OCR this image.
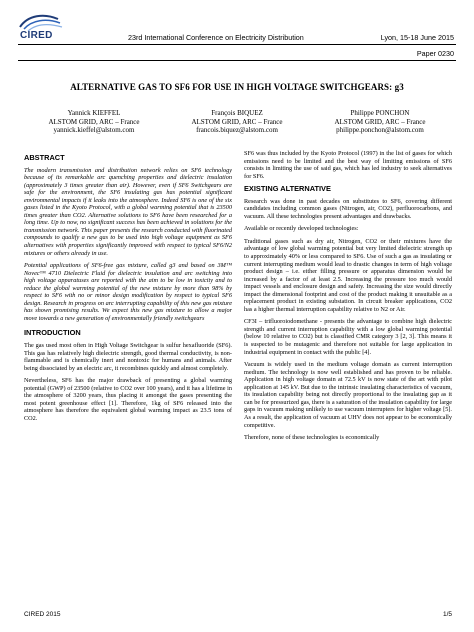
CIRED	23rd International Conference on Electricity Distribution	Lyon, 15-18 June 2015
Paper 0230
ALTERNATIVE GAS TO SF6 FOR USE IN HIGH VOLTAGE SWITCHGEARS: g3
Yannick KIEFFEL
ALSTOM GRID, ARC – France
yannick.kieffel@alstom.com
François BIQUEZ
ALSTOM GRID, ARC – France
francois.biquez@alstom.com
Philippe PONCHON
ALSTOM GRID, ARC – France
philippe.ponchon@alstom.com
ABSTRACT

The modern transmission and distribution network relies on SF6 technology because of its remarkable arc quenching properties and dielectric insulation (approximately 3 times greater than air). However, even if SF6 Switchgears are safe for the environment, the SF6 insulating gas has potential significant environmental impacts if it leaks into the atmosphere. Indeed SF6 is one of the six gases listed in the Kyoto Protocol, with a global warming potential that is 23500 times greater than CO2. Alternative solutions to SF6 have been researched for a long time. Up to now, no significant success has been achieved in solutions for the transmission network. This paper presents the research conducted with fluorinated compounds to qualify a new gas to be used into high voltage equipment as SF6 alternatives with properties significantly improved with respect to typical SF6/N2 mixtures or others already in use.

Potential applications of SF6-free gas mixture, called g3 and based on 3M™ Novec™ 4710 Dielectric Fluid for dielectric insulation and arc switching into high voltage apparatuses are reported with the aim to be low in toxicity and to reduce the global warming potential of the new mixture by more than 98% by respect to SF6 with no or minor design modification by respect to typical SF6 design. Research in progress on arc interrupting capability of this new gas mixture has shown promising results. We expect this new gas mixture to allow a major move towards a new generation of environmentally friendly switchgears

INTRODUCTION

The gas used most often in High Voltage Switchgear is sulfur hexafluoride (SF6). This gas has relatively high dielectric strength, good thermal conductivity, is non-flammable and is chemically inert and nontoxic for humans and animals. After being dissociated by an electric arc, it recombines quickly and almost completely.

Nevertheless, SF6 has the major drawback of presenting a global warming potential (GWP) of 23500 (relative to CO2 over 100 years), and it has a lifetime in the atmosphere of 3200 years, thus placing it amongst the gases presenting the most potent greenhouse effect [1]. Therefore, 1kg of SF6 released into the atmosphere has therefore the equivalent global warming impact as 23.5 tons of CO2.

SF6 was thus included by the Kyoto Protocol (1997) in the list of gases for which emissions need to be limited and the best way of limiting emissions of SF6 consists in limiting the use of said gas, which has led industry to seek alternatives for SF6.

EXISTING ALTERNATIVE

Research was done in past decades on substitutes to SF6, covering different candidates including common gases (Nitrogen, air, CO2), perfluorocarbons, and vacuum. All these technologies present advantages and drawbacks.

Available or recently developed technologies:

Traditional gases such as dry air, Nitrogen, CO2 or their mixtures have the advantage of low global warming potential but very limited dielectric strength up to approximately 40% or less compared to SF6. Use of such a gas as insulating or current interrupting medium would lead to drastic changes in term of high voltage product design – i.e. either filling pressure or apparatus dimension would be increased by a factor of at least 2.5. Increasing the pressure too much would impact vessels and enclosure design and safety. Increasing the size would directly impact the dimensional footprint and cost of the product making it unsuitable as a replacement product in existing substation. In circuit breaker applications, CO2 has a higher thermal interruption capability relative to N2 or Air.

CF3I – trifluoroiodomethane - presents the advantage to combine high dielectric strength and current interruption capability with a low global warming potential (below 10 relative to CO2) but is classified CMR category 3 [2, 3]. This means it is suspected to be mutagenic and therefore not suitable for large application in industrial equipment in contact with the public [4].

Vacuum is widely used in the medium voltage domain as current interruption medium. The technology is now well established and has proven to be reliable. Application in high voltage domain at 72.5 kV is now state of the art with pilot application at 145 kV. But due to the intrinsic insulating characteristics of vacuum, its insulation capability being not directly proportional to the insulating gap as it can be for pressurized gas, there is a saturation of the insulation capability for large gaps in vacuum making unlikely to use vacuum interrupters for higher voltage [5]. As a result, the application of vacuum at UHV does not appear to be economically competitive.

Therefore, none of these technologies is economically

CIRED 2015	1/5
